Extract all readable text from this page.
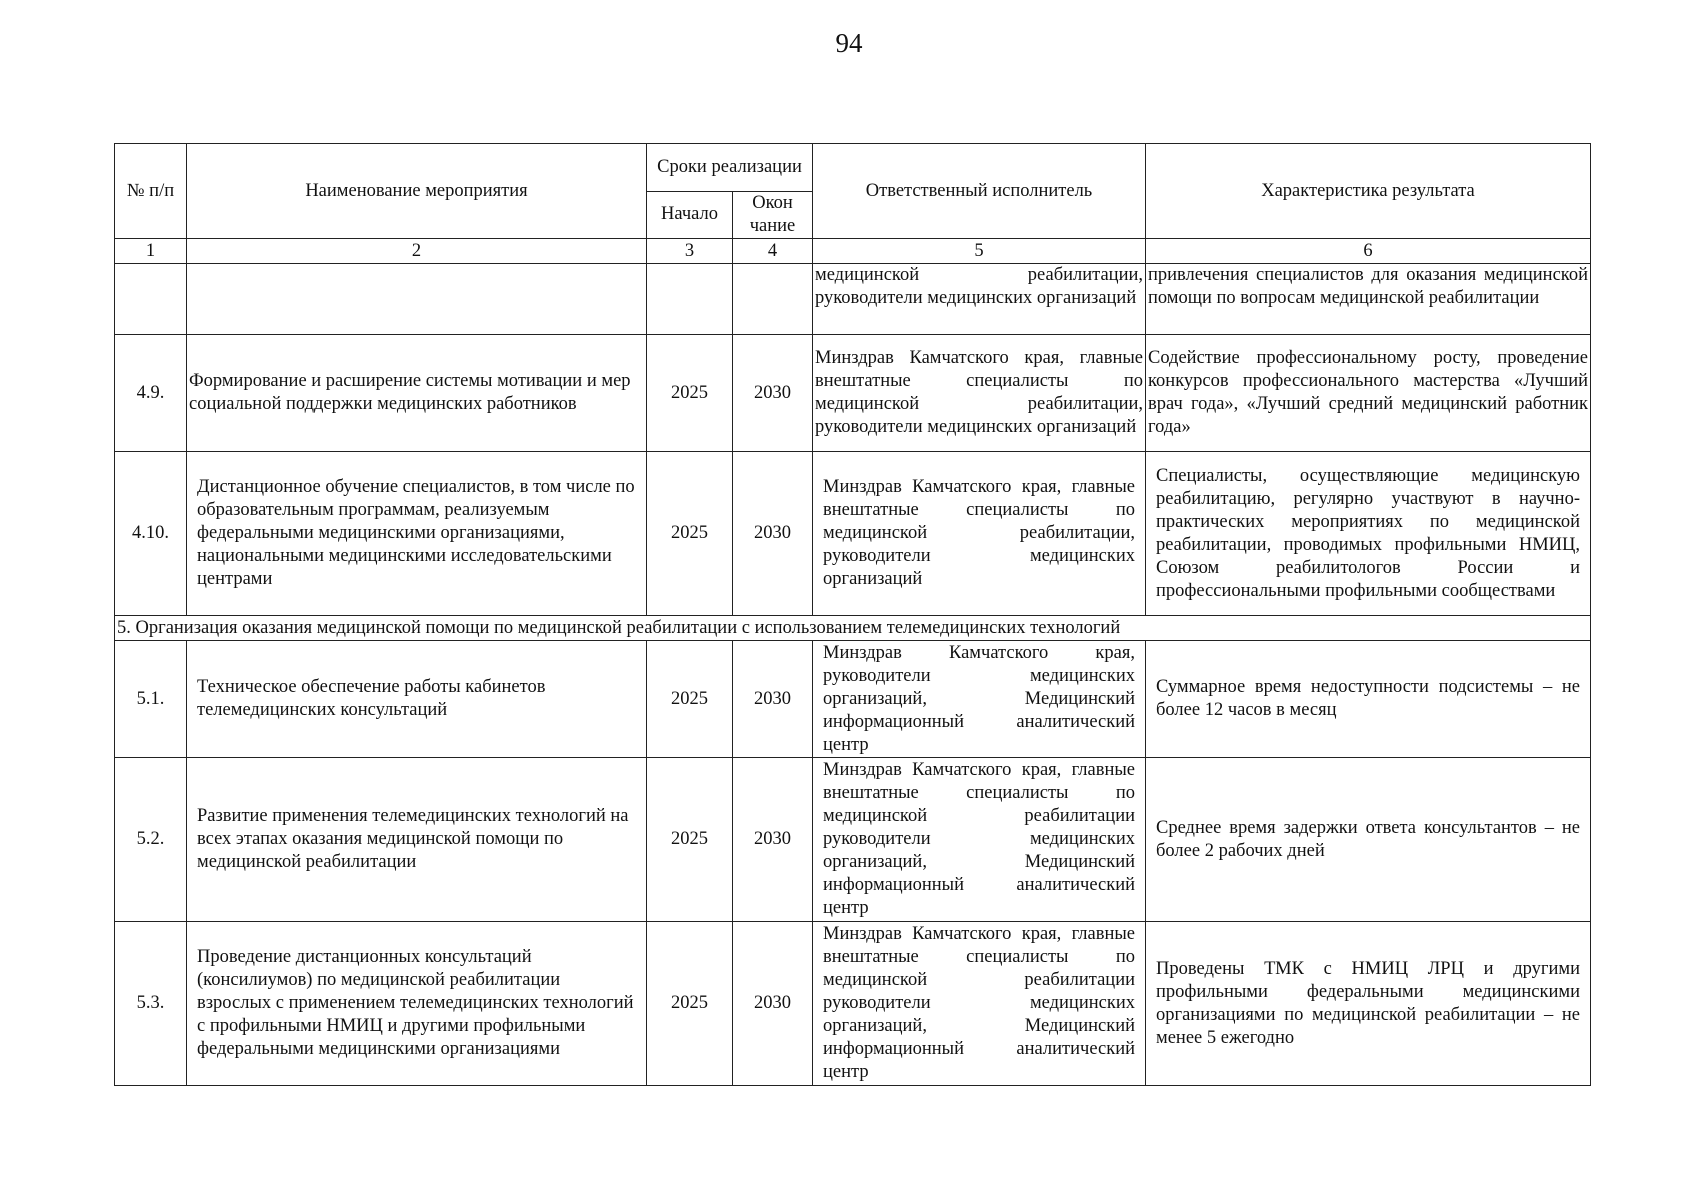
94
№ п/п	Наименование мероприятия	Сроки реализации		Ответственный исполнитель	Характеристика результата
		Начало	Окон чание		
1	2	3	4	5	6
				медицинской реабилитации, руководители медицинских организаций	привлечения специалистов для оказания медицинской помощи по вопросам медицинской реабилитации
4.9.	Формирование и расширение системы мотивации и мер социальной поддержки медицинских работников	2025	2030	Минздрав Камчатского края, главные внештатные специалисты по медицинской реабилитации, руководители медицинских организаций	Содействие профессиональному росту, проведение конкурсов профессионального мастерства «Лучший врач года», «Лучший средний медицинский работник года»
4.10.	Дистанционное обучение специалистов, в том числе по образовательным программам, реализуемым федеральными медицинскими организациями, национальными медицинскими исследовательскими центрами	2025	2030	Минздрав Камчатского края, главные внештатные специалисты по медицинской реабилитации, руководители медицинских организаций	Специалисты, осуществляющие медицинскую реабилитацию, регулярно участвуют в научно-практических мероприятиях по медицинской реабилитации, проводимых профильными НМИЦ, Союзом реабилитологов России и профессиональными профильными сообществами
5. Организация оказания медицинской помощи по медицинской реабилитации с использованием телемедицинских технологий					
5.1.	Техническое обеспечение работы кабинетов телемедицинских консультаций	2025	2030	Минздрав Камчатского края, руководители медицинских организаций, Медицинский информационный аналитический центр	Суммарное время недоступности подсистемы – не более 12 часов в месяц
5.2.	Развитие применения телемедицинских технологий на всех этапах оказания медицинской помощи по медицинской реабилитации	2025	2030	Минздрав Камчатского края, главные внештатные специалисты по медицинской реабилитации руководители медицинских организаций, Медицинский информационный аналитический центр	Среднее время задержки ответа консультантов – не более 2 рабочих дней
5.3.	Проведение дистанционных консультаций (консилиумов) по медицинской реабилитации взрослых с применением телемедицинских технологий с профильными НМИЦ и другими профильными федеральными медицинскими организациями	2025	2030	Минздрав Камчатского края, главные внештатные специалисты по медицинской реабилитации руководители медицинских организаций, Медицинский информационный аналитический центр	Проведены ТМК с НМИЦ ЛРЦ и другими профильными федеральными медицинскими организациями по медицинской реабилитации – не менее 5 ежегодно
